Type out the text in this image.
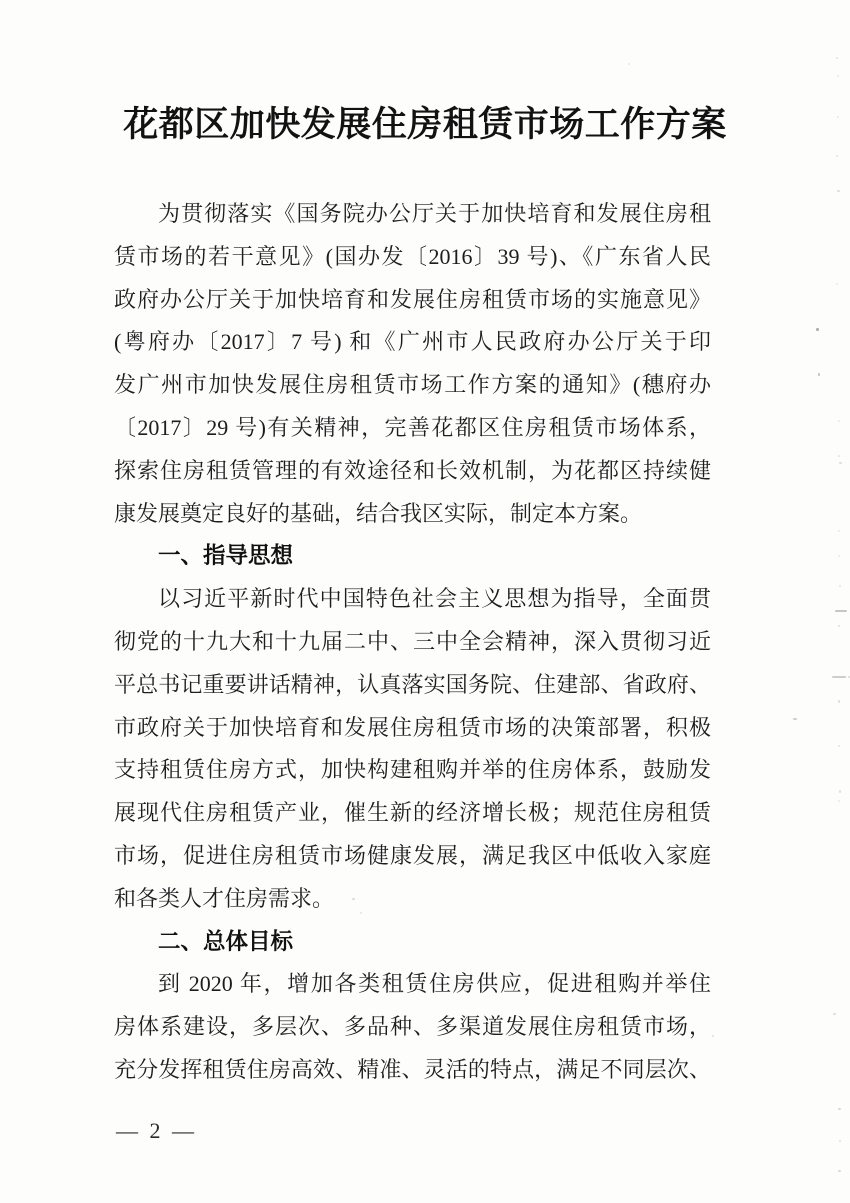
花都区加快发展住房租赁市场工作方案
为贯彻落实《国务院办公厅关于加快培育和发展住房租
赁市场的若干意见》(国办发〔2016〕39 号)、《广东省人民
政府办公厅关于加快培育和发展住房租赁市场的实施意见》
(粤府办〔2017〕7 号) 和《广州市人民政府办公厅关于印
发广州市加快发展住房租赁市场工作方案的通知》(穗府办
〔2017〕29 号)有关精神，完善花都区住房租赁市场体系，
探索住房租赁管理的有效途径和长效机制，为花都区持续健
康发展奠定良好的基础，结合我区实际，制定本方案。
一、指导思想
以习近平新时代中国特色社会主义思想为指导，全面贯
彻党的十九大和十九届二中、三中全会精神，深入贯彻习近
平总书记重要讲话精神，认真落实国务院、住建部、省政府、
市政府关于加快培育和发展住房租赁市场的决策部署，积极
支持租赁住房方式，加快构建租购并举的住房体系，鼓励发
展现代住房租赁产业，催生新的经济增长极；规范住房租赁
市场，促进住房租赁市场健康发展，满足我区中低收入家庭
和各类人才住房需求。
二、总体目标
到 2020 年，增加各类租赁住房供应，促进租购并举住
房体系建设，多层次、多品种、多渠道发展住房租赁市场，
充分发挥租赁住房高效、精准、灵活的特点，满足不同层次、
— 2 —
